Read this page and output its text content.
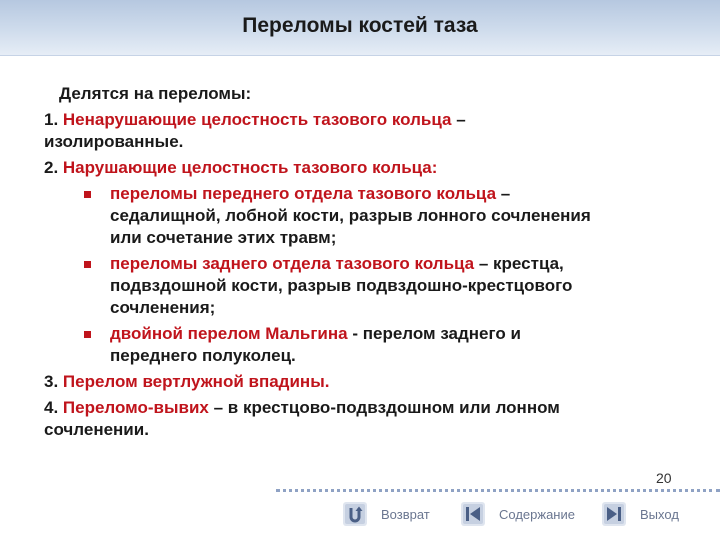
Переломы костей таза

Делятся на переломы:

1. Ненарушающие целостность тазового кольца –
изолированные.

2. Нарушающие целостность тазового кольца:

переломы переднего отдела тазового кольца –
седалищной, лобной кости, разрыв лонного сочленения
или сочетание этих травм;
переломы заднего отдела тазового кольца – крестца,
подвздошной кости, разрыв подвздошно-крестцового
сочленения;
двойной перелом Мальгина - перелом заднего и
переднего полуколец.

3. Перелом вертлужной впадины.

4. Переломо-вывих – в крестцово-подвздошном или лонном
сочленении.

20
Возврат	Содержание	Выход
